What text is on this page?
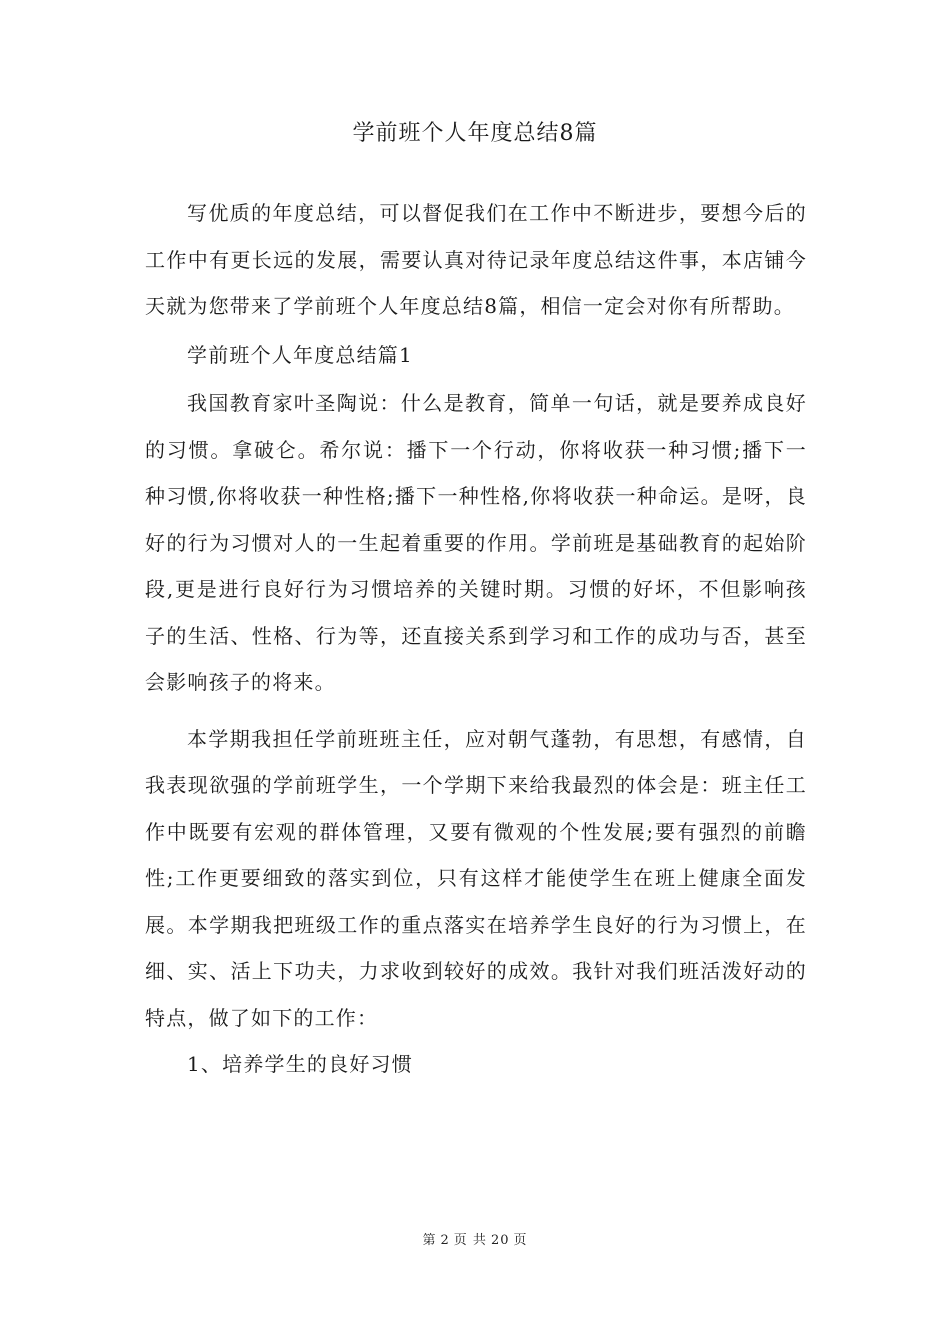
学前班个人年度总结8篇

写优质的年度总结，可以督促我们在工作中不断进步，要想今后的工作中有更长远的发展，需要认真对待记录年度总结这件事，本店铺今天就为您带来了学前班个人年度总结8篇，相信一定会对你有所帮助。

学前班个人年度总结篇1

我国教育家叶圣陶说：什么是教育，简单一句话，就是要养成良好的习惯。拿破仑。希尔说：播下一个行动，你将收获一种习惯;播下一种习惯,你将收获一种性格;播下一种性格,你将收获一种命运。是呀，良好的行为习惯对人的一生起着重要的作用。学前班是基础教育的起始阶段,更是进行良好行为习惯培养的关键时期。习惯的好坏，不但影响孩子的生活、性格、行为等，还直接关系到学习和工作的成功与否，甚至会影响孩子的将来。

本学期我担任学前班班主任，应对朝气蓬勃，有思想，有感情，自我表现欲强的学前班学生，一个学期下来给我最烈的体会是：班主任工作中既要有宏观的群体管理，又要有微观的个性发展;要有强烈的前瞻性;工作更要细致的落实到位，只有这样才能使学生在班上健康全面发展。本学期我把班级工作的重点落实在培养学生良好的行为习惯上，在细、实、活上下功夫，力求收到较好的成效。我针对我们班活泼好动的特点，做了如下的工作：

1、培养学生的良好习惯

第 2 页 共 20 页
